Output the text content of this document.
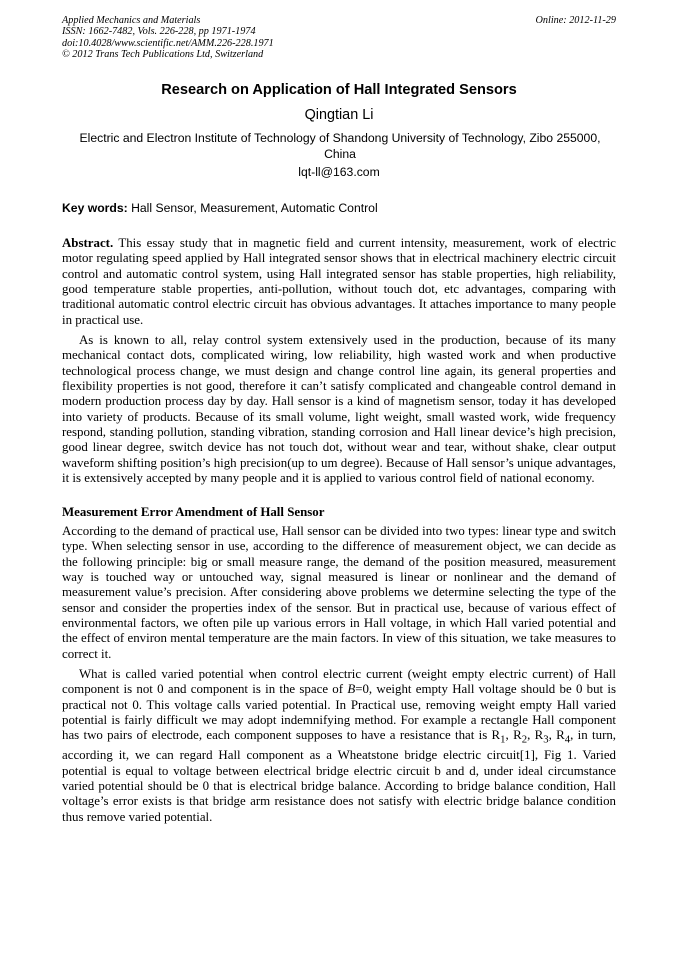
Applied Mechanics and Materials
ISSN: 1662-7482, Vols. 226-228, pp 1971-1974
doi:10.4028/www.scientific.net/AMM.226-228.1971
© 2012 Trans Tech Publications Ltd, Switzerland
Online: 2012-11-29
Research on Application of Hall Integrated Sensors
Qingtian Li
Electric and Electron Institute of Technology of Shandong University of Technology, Zibo 255000, China
lqt-ll@163.com
Key words: Hall Sensor, Measurement, Automatic Control

Abstract. This essay study that in magnetic field and current intensity, measurement, work of electric motor regulating speed applied by Hall integrated sensor shows that in electrical machinery electric circuit control and automatic control system, using Hall integrated sensor has stable properties, high reliability, good temperature stable properties, anti-pollution, without touch dot, etc advantages, comparing with traditional automatic control electric circuit has obvious advantages. It attaches importance to many people in practical use.

As is known to all, relay control system extensively used in the production, because of its many mechanical contact dots, complicated wiring, low reliability, high wasted work and when productive technological process change, we must design and change control line again, its general properties and flexibility properties is not good, therefore it can’t satisfy complicated and changeable control demand in modern production process day by day. Hall sensor is a kind of magnetism sensor, today it has developed into variety of products. Because of its small volume, light weight, small wasted work, wide frequency respond, standing pollution, standing vibration, standing corrosion and Hall linear device’s high precision, good linear degree, switch device has not touch dot, without wear and tear, without shake, clear output waveform shifting position’s high precision(up to um degree). Because of Hall sensor’s unique advantages, it is extensively accepted by many people and it is applied to various control field of national economy.

Measurement Error Amendment of Hall Sensor

According to the demand of practical use, Hall sensor can be divided into two types: linear type and switch type. When selecting sensor in use, according to the difference of measurement object, we can decide as the following principle: big or small measure range, the demand of the position measured, measurement way is touched way or untouched way, signal measured is linear or nonlinear and the demand of measurement value’s precision. After considering above problems we determine selecting the type of the sensor and consider the properties index of the sensor. But in practical use, because of various effect of environmental factors, we often pile up various errors in Hall voltage, in which Hall varied potential and the effect of environ mental temperature are the main factors. In view of this situation, we take measures to correct it.

What is called varied potential when control electric current (weight empty electric current) of Hall component is not 0 and component is in the space of B=0, weight empty Hall voltage should be 0 but is practical not 0. This voltage calls varied potential. In Practical use, removing weight empty Hall varied potential is fairly difficult we may adopt indemnifying method. For example a rectangle Hall component has two pairs of electrode, each component supposes to have a resistance that is $R_1$, $R_2$, $R_3$, $R_4$, in turn, according it, we can regard Hall component as a Wheatstone bridge electric circuit[1], Fig 1. Varied potential is equal to voltage between electrical bridge electric circuit b and d, under ideal circumstance varied potential should be 0 that is electrical bridge balance. According to bridge balance condition, Hall voltage’s error exists is that bridge arm resistance does not satisfy with electric bridge balance condition thus remove varied potential.
